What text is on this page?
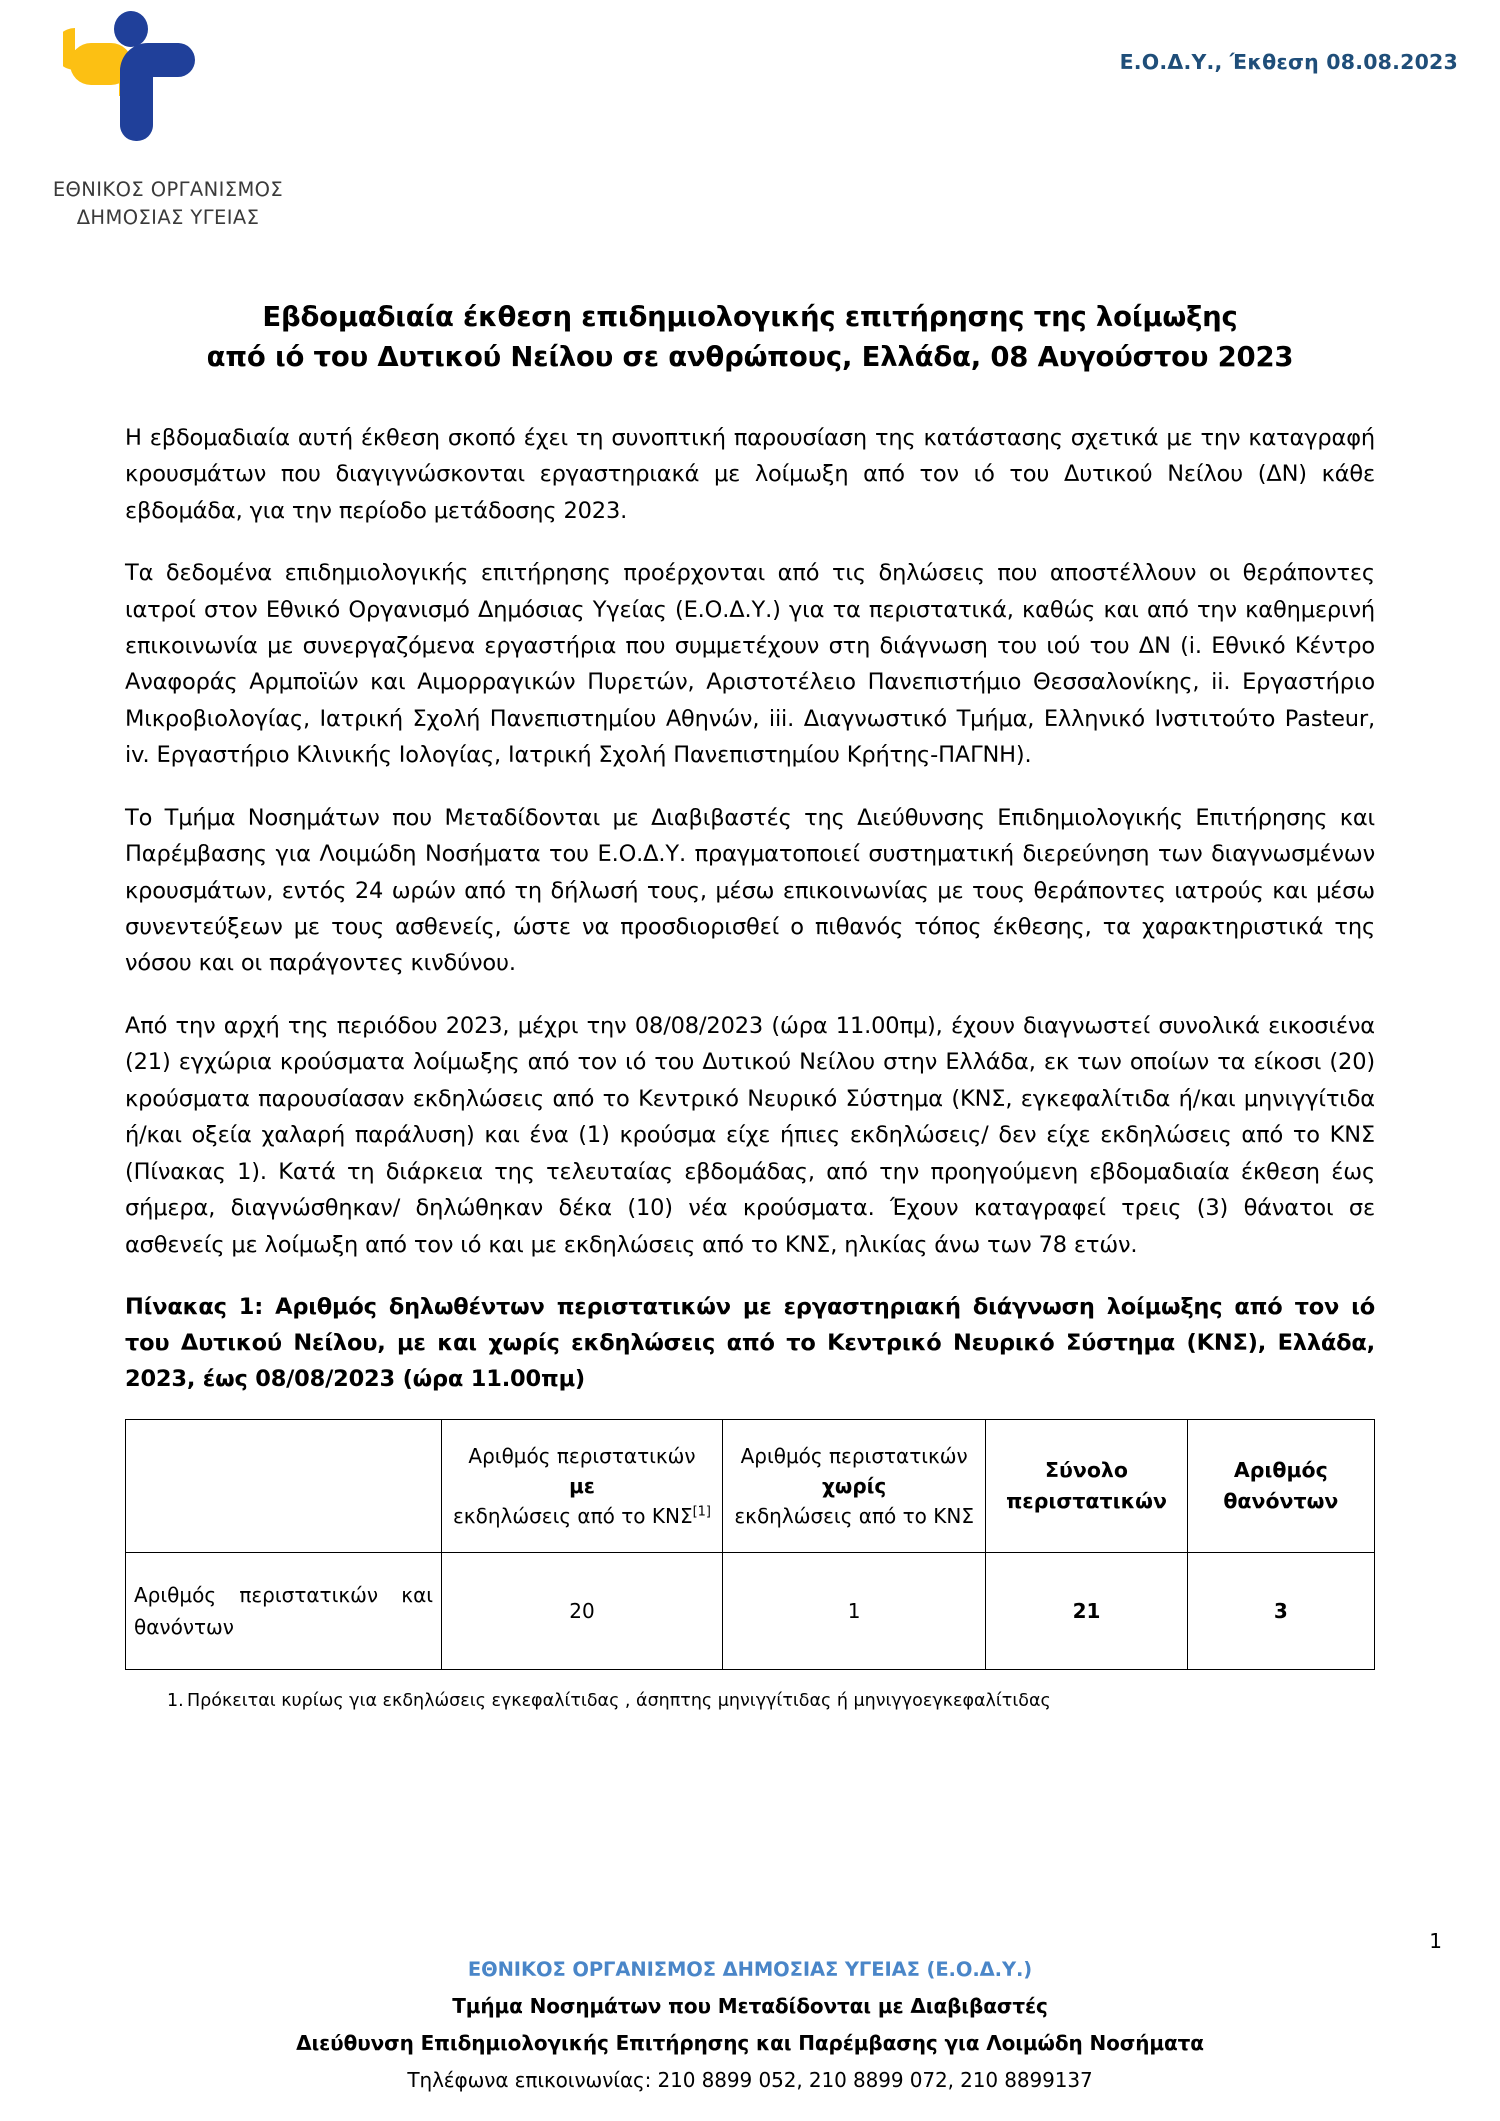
ΕΘΝΙΚΟΣ ΟΡΓΑΝΙΣΜΟΣ
ΔΗΜΟΣΙΑΣ ΥΓΕΙΑΣ
Ε.Ο.Δ.Υ., Έκθεση 08.08.2023
Εβδομαδιαία έκθεση επιδημιολογικής επιτήρησης της λοίμωξης
από ιό του Δυτικού Νείλου σε ανθρώπους, Ελλάδα, 08 Αυγούστου 2023

Η εβδομαδιαία αυτή έκθεση σκοπό έχει τη συνοπτική παρουσίαση της κατάστασης σχετικά με την καταγραφή κρουσμάτων που διαγιγνώσκονται εργαστηριακά με λοίμωξη από τον ιό του Δυτικού Νείλου (ΔΝ) κάθε εβδομάδα, για την περίοδο μετάδοσης 2023.

Τα δεδομένα επιδημιολογικής επιτήρησης προέρχονται από τις δηλώσεις που αποστέλλουν οι θεράποντες ιατροί στον Εθνικό Οργανισμό Δημόσιας Υγείας (Ε.Ο.Δ.Υ.) για τα περιστατικά, καθώς και από την καθημερινή επικοινωνία με συνεργαζόμενα εργαστήρια που συμμετέχουν στη διάγνωση του ιού του ΔΝ (i. Εθνικό Κέντρο Αναφοράς Αρμποϊών και Αιμορραγικών Πυρετών, Αριστοτέλειο Πανεπιστήμιο Θεσσαλονίκης, ii. Εργαστήριο Μικροβιολογίας, Ιατρική Σχολή Πανεπιστημίου Αθηνών, iii. Διαγνωστικό Τμήμα, Ελληνικό Ινστιτούτο Pasteur, iv. Εργαστήριο Κλινικής Ιολογίας, Ιατρική Σχολή Πανεπιστημίου Κρήτης-ΠΑΓΝΗ).

Το Τμήμα Νοσημάτων που Μεταδίδονται με Διαβιβαστές της Διεύθυνσης Επιδημιολογικής Επιτήρησης και Παρέμβασης για Λοιμώδη Νοσήματα του Ε.Ο.Δ.Υ. πραγματοποιεί συστηματική διερεύνηση των διαγνωσμένων κρουσμάτων, εντός 24 ωρών από τη δήλωσή τους, μέσω επικοινωνίας με τους θεράποντες ιατρούς και μέσω συνεντεύξεων με τους ασθενείς, ώστε να προσδιορισθεί ο πιθανός τόπος έκθεσης, τα χαρακτηριστικά της νόσου και οι παράγοντες κινδύνου.

Από την αρχή της περιόδου 2023, μέχρι την 08/08/2023 (ώρα 11.00πμ), έχουν διαγνωστεί συνολικά εικοσιένα (21) εγχώρια κρούσματα λοίμωξης από τον ιό του Δυτικού Νείλου στην Ελλάδα, εκ των οποίων τα είκοσι (20) κρούσματα παρουσίασαν εκδηλώσεις από το Κεντρικό Νευρικό Σύστημα (ΚΝΣ, εγκεφαλίτιδα ή/και μηνιγγίτιδα ή/και οξεία χαλαρή παράλυση) και ένα (1) κρούσμα είχε ήπιες εκδηλώσεις/ δεν είχε εκδηλώσεις από το ΚΝΣ (Πίνακας 1). Κατά τη διάρκεια της τελευταίας εβδομάδας, από την προηγούμενη εβδομαδιαία έκθεση έως σήμερα, διαγνώσθηκαν/ δηλώθηκαν δέκα (10) νέα κρούσματα. Έχουν καταγραφεί τρεις (3) θάνατοι σε ασθενείς με λοίμωξη από τον ιό και με εκδηλώσεις από το ΚΝΣ, ηλικίας άνω των 78 ετών.

Πίνακας 1: Αριθμός δηλωθέντων περιστατικών με εργαστηριακή διάγνωση λοίμωξης από τον ιό του Δυτικού Νείλου, με και χωρίς εκδηλώσεις από το Κεντρικό Νευρικό Σύστημα (ΚΝΣ), Ελλάδα, 2023, έως 08/08/2023 (ώρα 11.00πμ)

	Αριθμός περιστατικών
με
εκδηλώσεις από το ΚΝΣ[1]	Αριθμός περιστατικών
χωρίς
εκδηλώσεις από το ΚΝΣ	Σύνολο
περιστατικών	Αριθμός
θανόντων

Αριθμός περιστατικών και θανόντων	20	1	21	3
1. Πρόκειται κυρίως για εκδηλώσεις εγκεφαλίτιδας , άσηπτης μηνιγγίτιδας ή μηνιγγοεγκεφαλίτιδας
1
ΕΘΝΙΚΟΣ ΟΡΓΑΝΙΣΜΟΣ ΔΗΜΟΣΙΑΣ ΥΓΕΙΑΣ (Ε.Ο.Δ.Υ.)
Τμήμα Νοσημάτων που Μεταδίδονται με Διαβιβαστές
Διεύθυνση Επιδημιολογικής Επιτήρησης και Παρέμβασης για Λοιμώδη Νοσήματα
Τηλέφωνα επικοινωνίας: 210 8899 052, 210 8899 072, 210 8899137
